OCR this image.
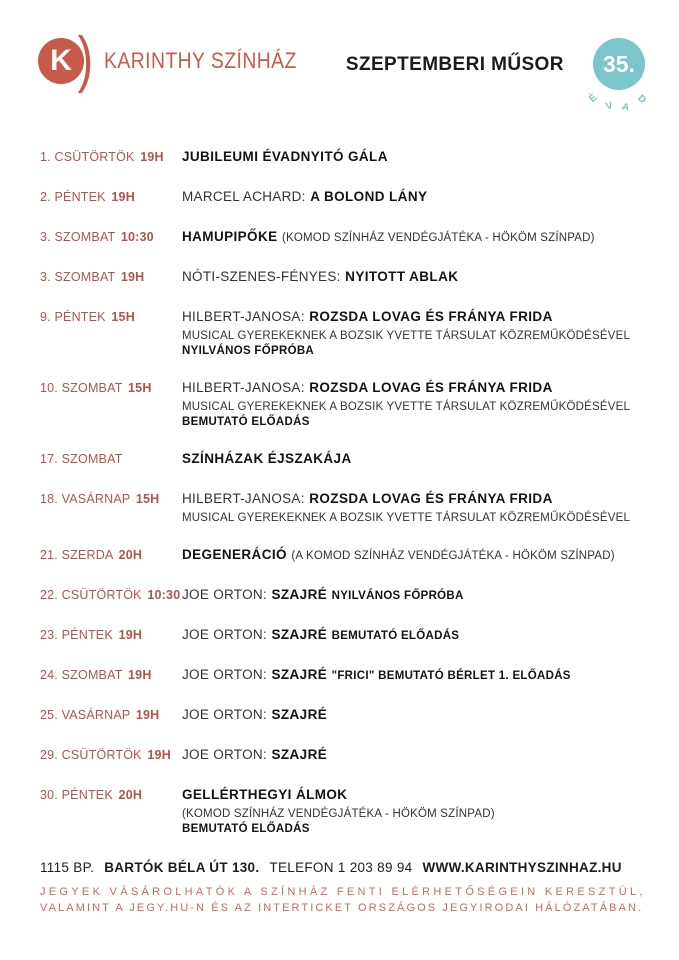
K ) KARINTHY SZÍNHÁZ	SZEPTEMBERI MŰSOR 35.
É
V A
D
1. CSÜTÖRTÖK 19H	JUBILEUMI ÉVADNYITÓ GÁLA
2. PÉNTEK 19H	MARCEL ACHARD: A BOLOND LÁNY
3. SZOMBAT 10:30	HAMUPIPŐKE (KOMOD SZÍNHÁZ VENDÉGJÁTÉKA - HÖKÖM SZÍNPAD)
3. SZOMBAT 19H	NÓTI-SZENES-FÉNYES: NYITOTT ABLAK
9. PÉNTEK 15H	HILBERT-JANOSA: ROZSDA LOVAG ÉS FRÁNYA FRIDA
MUSICAL GYEREKEKNEK A BOZSIK YVETTE TÁRSULAT KÖZREMŰKÖDÉSÉVEL
NYILVÁNOS FŐPRÓBA
10. SZOMBAT 15H	HILBERT-JANOSA: ROZSDA LOVAG ÉS FRÁNYA FRIDA
MUSICAL GYEREKEKNEK A BOZSIK YVETTE TÁRSULAT KÖZREMŰKÖDÉSÉVEL
BEMUTATÓ ELŐADÁS
17. SZOMBAT	SZÍNHÁZAK ÉJSZAKÁJA
18. VASÁRNAP 15H	HILBERT-JANOSA: ROZSDA LOVAG ÉS FRÁNYA FRIDA
MUSICAL GYEREKEKNEK A BOZSIK YVETTE TÁRSULAT KÖZREMŰKÖDÉSÉVEL
21. SZERDA 20H	DEGENERÁCIÓ (A KOMOD SZÍNHÁZ VENDÉGJÁTÉKA - HÖKÖM SZÍNPAD)
22. CSÜTÖRTÖK 10:30 JOE ORTON: SZAJRÉ NYILVÁNOS FŐPRÓBA
23. PÉNTEK 19H	JOE ORTON: SZAJRÉ BEMUTATÓ ELŐADÁS
24. SZOMBAT 19H	JOE ORTON: SZAJRÉ "FRICI" BEMUTATÓ BÉRLET 1. ELŐADÁS
25. VASÁRNAP 19H	JOE ORTON: SZAJRÉ
29. CSÜTÖRTÖK 19H JOE ORTON: SZAJRÉ
30. PÉNTEK 20H	GELLÉRTHEGYI ÁLMOK
(KOMOD SZÍNHÁZ VENDÉGJÁTÉKA - HÖKÖM SZÍNPAD)
BEMUTATÓ ELŐADÁS
1115 BP. BARTÓK BÉLA ÚT 130. TELEFON 1 203 89 94 WWW.KARINTHYSZINHAZ.HU
JEGYEK VÁSÁROLHATÓK A SZÍNHÁZ FENTI ELÉRHETŐSÉGEIN KERESZTÜL,
VALAMINT A JEGY.HU-N ÉS AZ INTERTICKET ORSZÁGOS JEGYIRODAI HÁLÓZATÁBAN.
